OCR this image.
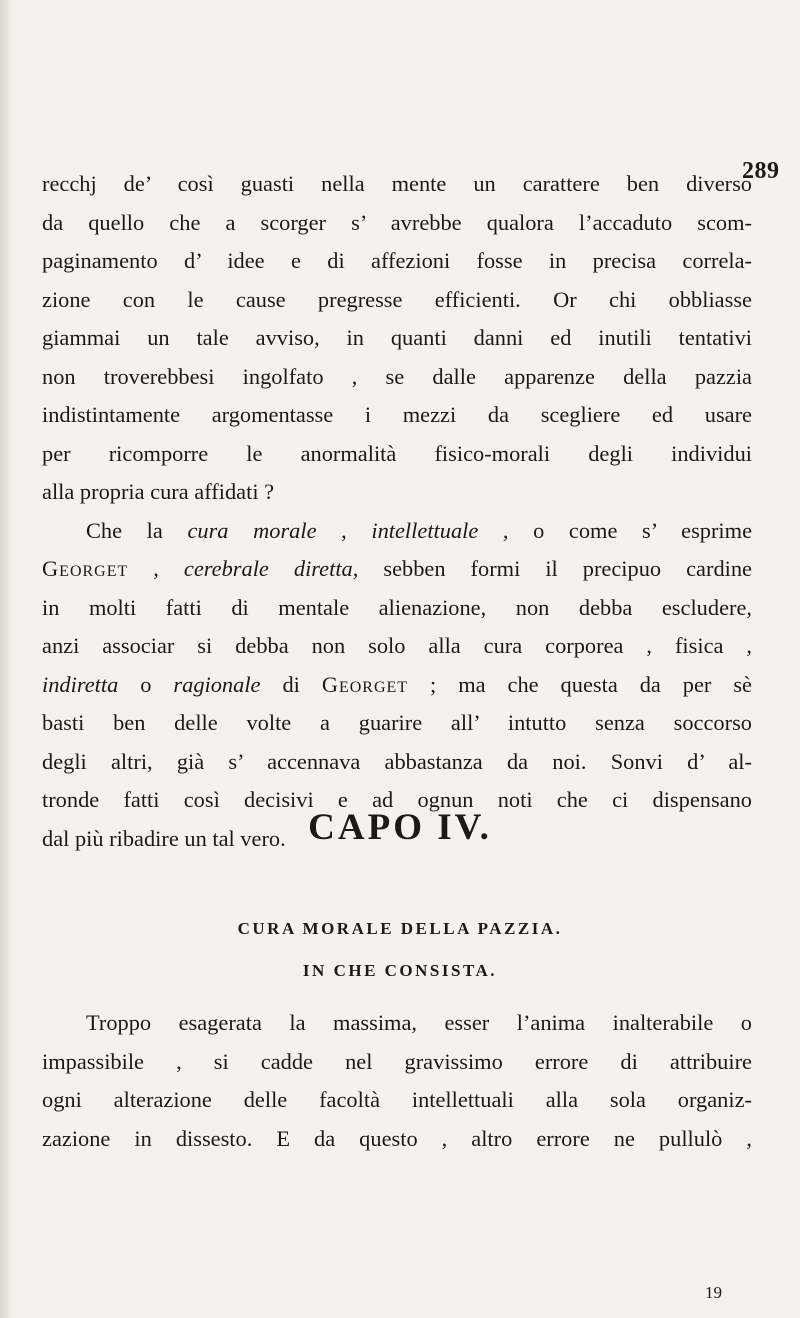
289
recchj de’ così guasti nella mente un carattere ben diverso
da quello che a scorger s’ avrebbe qualora l’accaduto scom-
paginamento d’ idee e di affezioni fosse in precisa correla-
zione con le cause pregresse efficienti. Or chi obbliasse
giammai un tale avviso, in quanti danni ed inutili tentativi
non troverebbesi ingolfato , se dalle apparenze della pazzia
indistintamente argomentasse i mezzi da scegliere ed usare
per ricomporre le anormalità fisico-morali degli individui
alla propria cura affidati ?
Che la cura morale , intellettuale , o come s’ esprime
Georget , cerebrale diretta, sebben formi il precipuo cardine
in molti fatti di mentale alienazione, non debba escludere,
anzi associar si debba non solo alla cura corporea , fisica ,
indiretta o ragionale di Georget ; ma che questa da per sè
basti ben delle volte a guarire all’ intutto senza soccorso
degli altri, già s’ accennava abbastanza da noi. Sonvi d’ al-
tronde fatti così decisivi e ad ognun noti che ci dispensano
dal più ribadire un tal vero. CAPO IV.
CURA MORALE DELLA PAZZIA.
IN CHE CONSISTA.
Troppo esagerata la massima, esser l’anima inalterabile o
impassibile , si cadde nel gravissimo errore di attribuire
ogni alterazione delle facoltà intellettuali alla sola organiz-
zazione in dissesto. E da questo , altro errore ne pullulò ,
19
